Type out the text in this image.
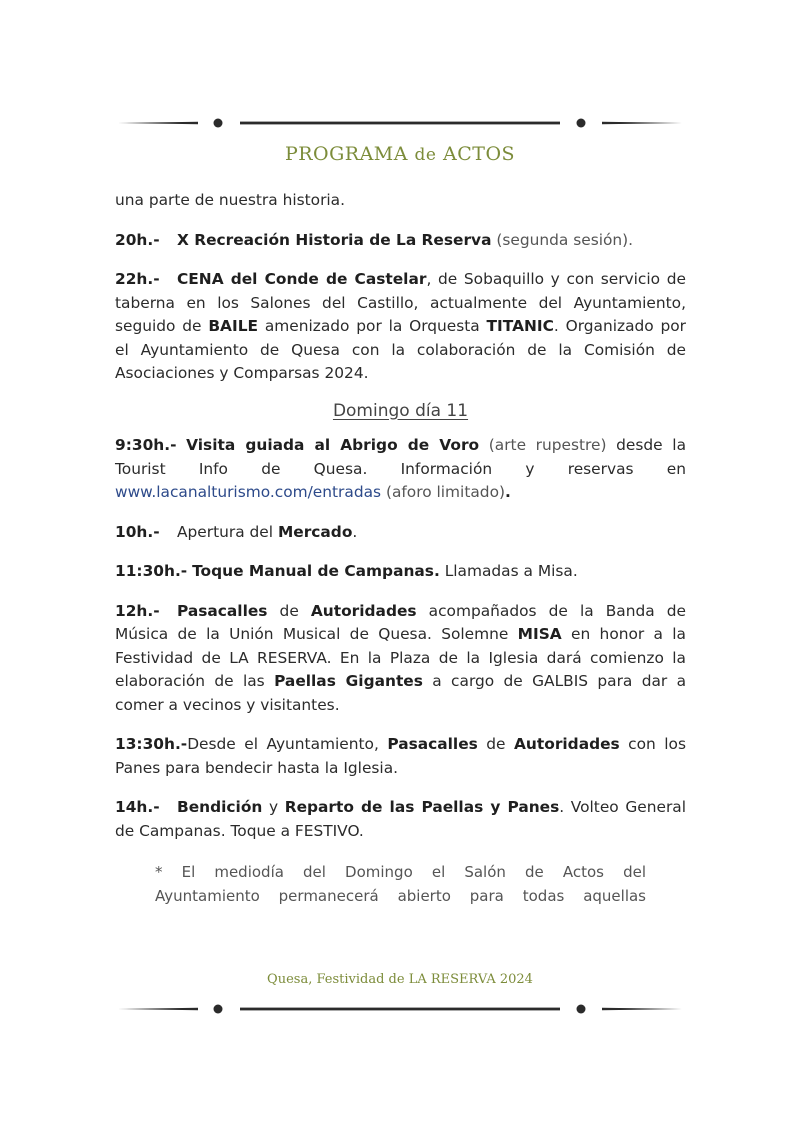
PROGRAMA de ACTOS

una parte de nuestra historia.

20h.- X Recreación Historia de La Reserva (segunda sesión).

22h.- CENA del Conde de Castelar, de Sobaquillo y con servicio de taberna en los Salones del Castillo, actualmente del Ayuntamiento, seguido de BAILE amenizado por la Orquesta TITANIC. Organizado por el Ayuntamiento de Quesa con la colaboración de la Comisión de Asociaciones y Comparsas 2024.

Domingo día 11

9:30h.- Visita guiada al Abrigo de Voro (arte rupestre) desde la Tourist Info de Quesa. Información y reservas en www.lacanalturismo.com/entradas (aforo limitado).

10h.- Apertura del Mercado.

11:30h.- Toque Manual de Campanas. Llamadas a Misa.

12h.- Pasacalles de Autoridades acompañados de la Banda de Música de la Unión Musical de Quesa. Solemne MISA en honor a la Festividad de LA RESERVA. En la Plaza de la Iglesia dará comienzo la elaboración de las Paellas Gigantes a cargo de GALBIS para dar a comer a vecinos y visitantes.

13:30h.-Desde el Ayuntamiento, Pasacalles de Autoridades con los Panes para bendecir hasta la Iglesia.

14h.- Bendición y Reparto de las Paellas y Panes. Volteo General de Campanas. Toque a FESTIVO.

* El mediodía del Domingo el Salón de Actos del Ayuntamiento permanecerá abierto para todas aquellas

Quesa, Festividad de LA RESERVA 2024
